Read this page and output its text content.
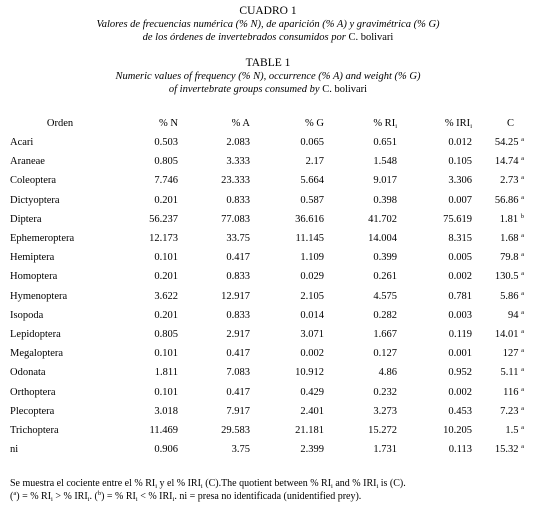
CUADRO 1
Valores de frecuencias numérica (% N), de aparición (% A) y gravimétrica (% G)
de los órdenes de invertebrados consumidos por C. bolivari
TABLE 1
Numeric values of frequency (% N), occurrence (% A) and weight (% G)
of invertebrate groups consumed by C. bolivari
Orden	% N	% A	% G	% $RI_i$	% $IRI_i$	C
Acari	0.503	2.083	0.065	0.651	0.012	54.25 $^a$
Araneae	0.805	3.333	2.17	1.548	0.105	14.74 $^a$
Coleoptera	7.746	23.333	5.664	9.017	3.306	2.73 $^a$
Dictyoptera	0.201	0.833	0.587	0.398	0.007	56.86 $^a$
Diptera	56.237	77.083	36.616	41.702	75.619	1.81 $^b$
Ephemeroptera	12.173	33.75	11.145	14.004	8.315	1.68 $^a$
Hemiptera	0.101	0.417	1.109	0.399	0.005	79.8 $^a$
Homoptera	0.201	0.833	0.029	0.261	0.002	130.5 $^a$
Hymenoptera	3.622	12.917	2.105	4.575	0.781	5.86 $^a$
Isopoda	0.201	0.833	0.014	0.282	0.003	94 $^a$
Lepidoptera	0.805	2.917	3.071	1.667	0.119	14.01 $^a$
Megaloptera	0.101	0.417	0.002	0.127	0.001	127 $^a$
Odonata	1.811	7.083	10.912	4.86	0.952	5.11 $^a$
Orthoptera	0.101	0.417	0.429	0.232	0.002	116 $^a$
Plecoptera	3.018	7.917	2.401	3.273	0.453	7.23 $^a$
Trichoptera	11.469	29.583	21.181	15.272	10.205	1.5 $^a$
ni	0.906	3.75	2.399	1.731	0.113	15.32 $^a$
Se muestra el cociente entre el % $RI_i$ y el % $IRI_i$ (C).The quotient between % $RI_i$ and % $IRI_i$ is (C).
($^a$) = % $RI_i$ > % $IRI_i$. ($^b$) = % $RI_i$ < % $IRI_i$. ni = presa no identificada (unidentified prey).
